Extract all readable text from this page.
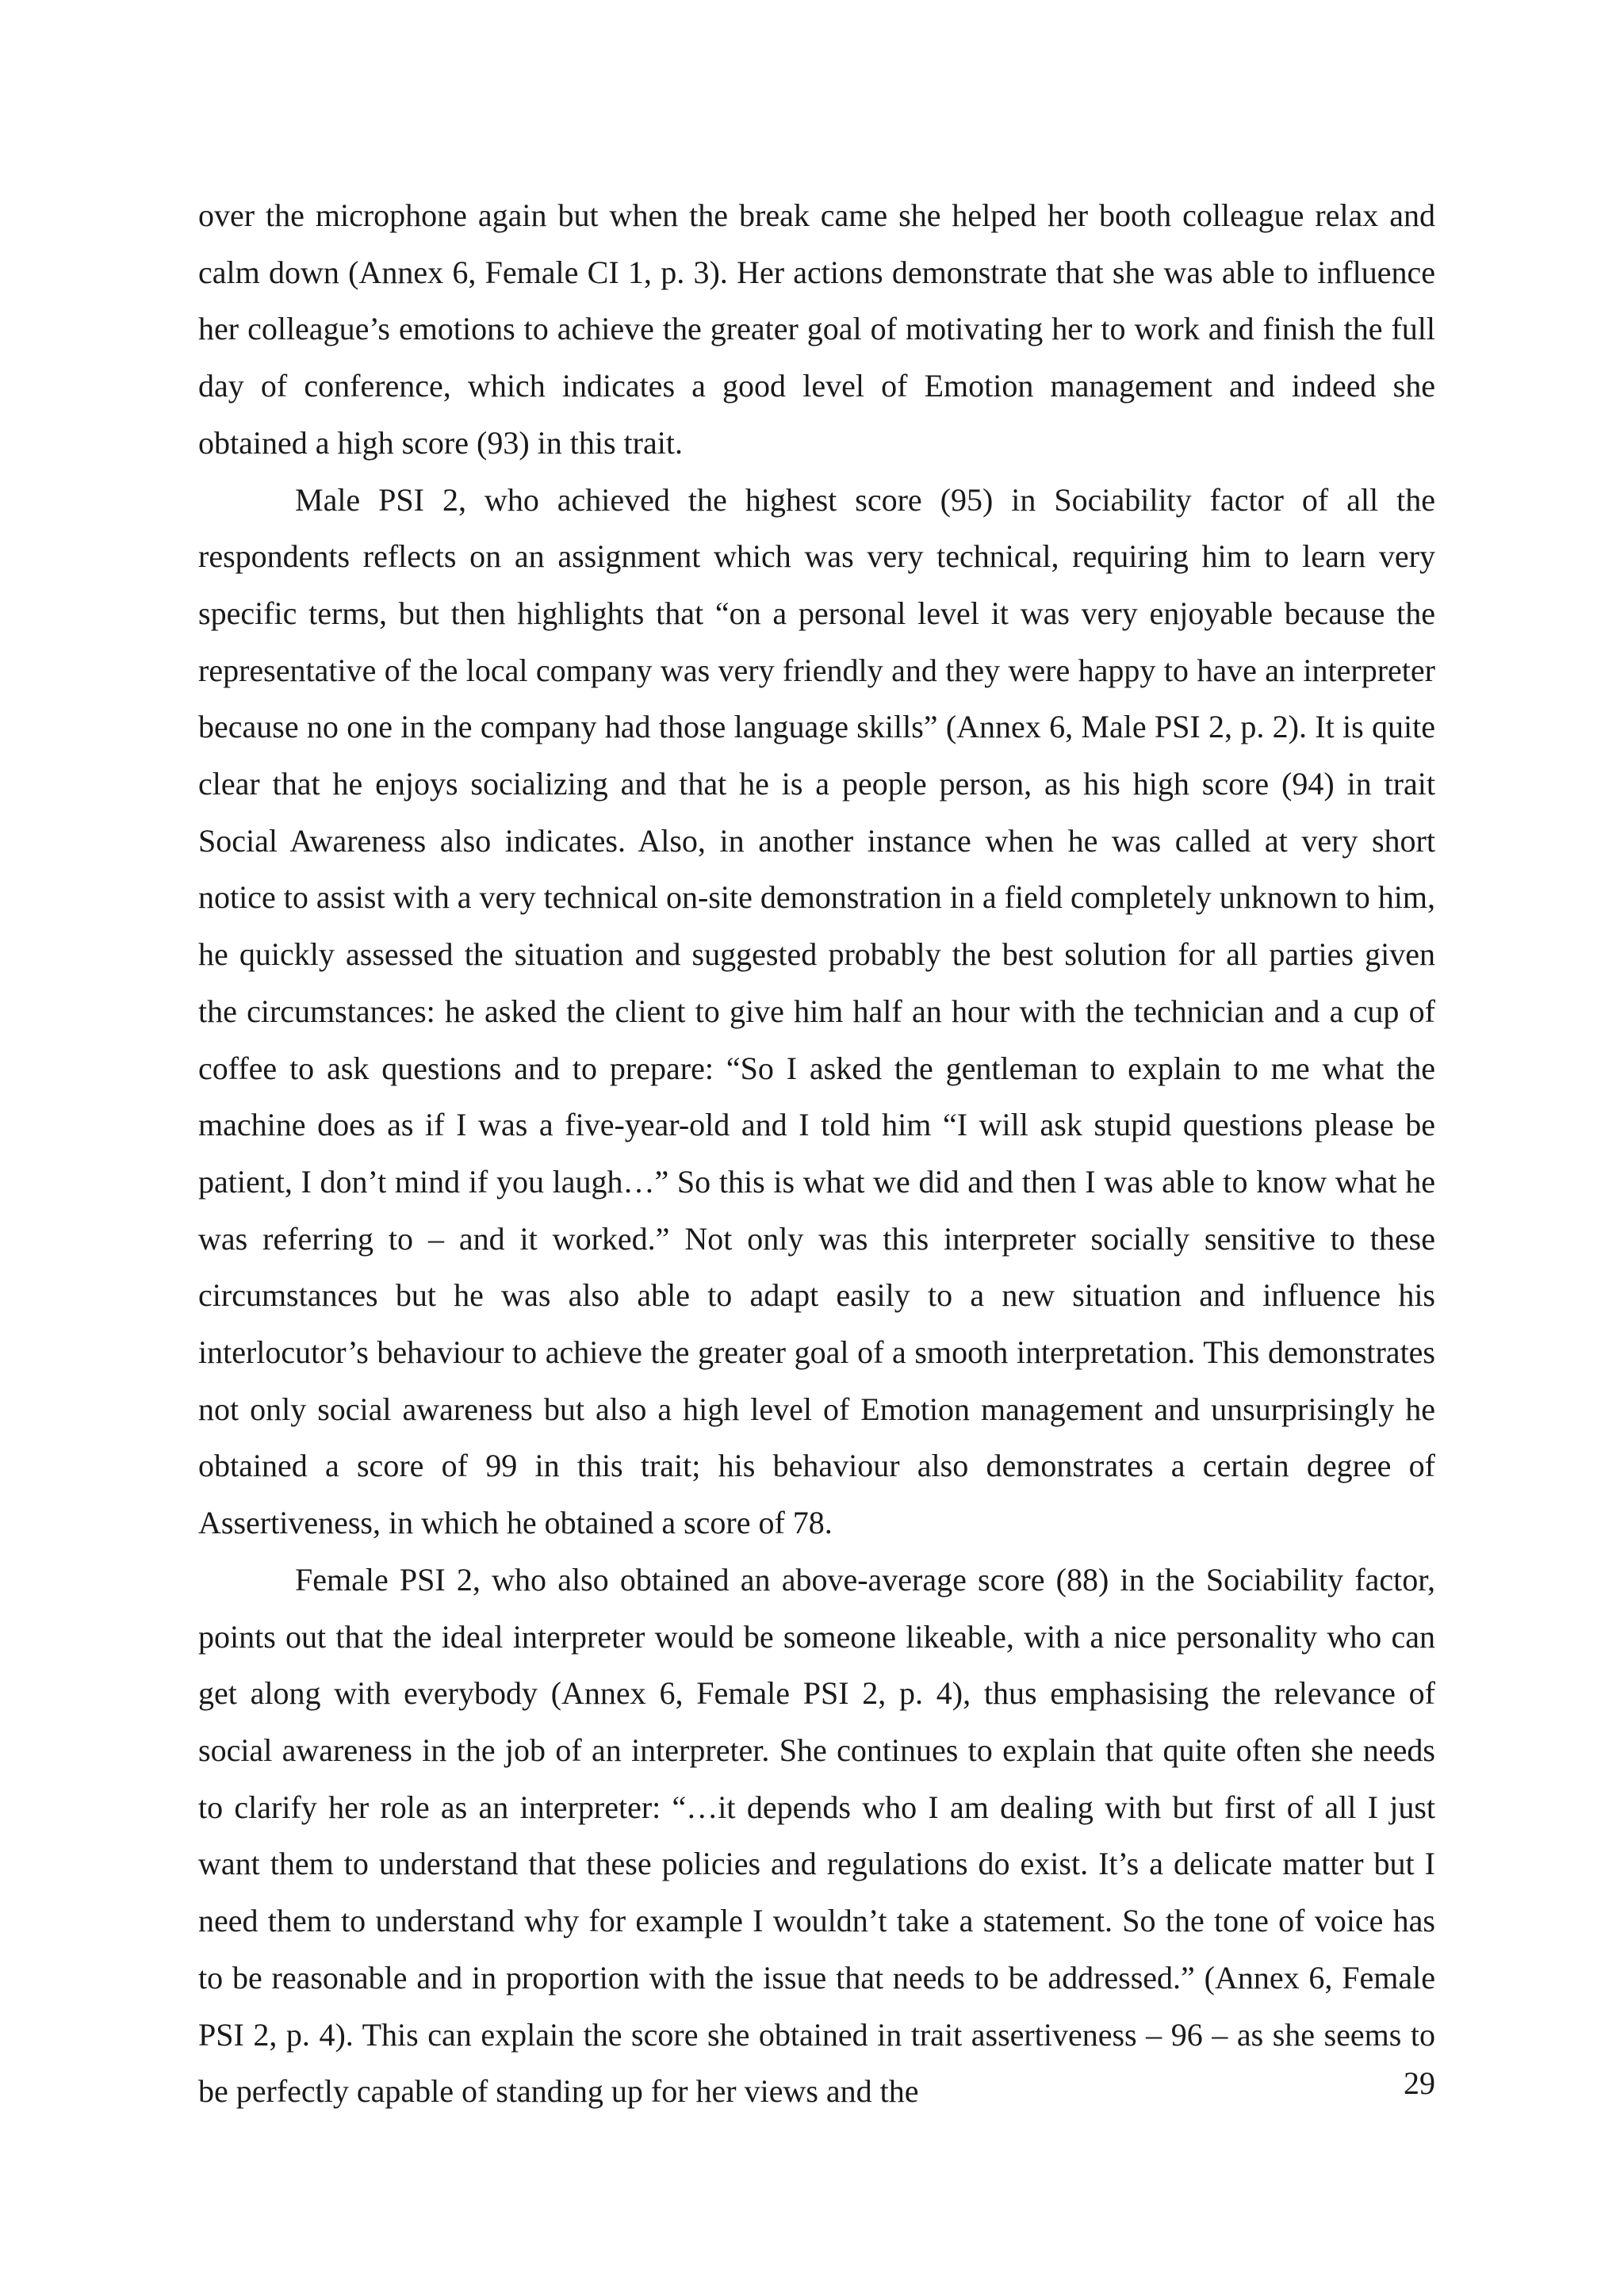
over the microphone again but when the break came she helped her booth colleague relax and calm down (Annex 6, Female CI 1, p. 3). Her actions demonstrate that she was able to influence her colleague’s emotions to achieve the greater goal of motivating her to work and finish the full day of conference, which indicates a good level of Emotion management and indeed she obtained a high score (93) in this trait.

Male PSI 2, who achieved the highest score (95) in Sociability factor of all the respondents reflects on an assignment which was very technical, requiring him to learn very specific terms, but then highlights that “on a personal level it was very enjoyable because the representative of the local company was very friendly and they were happy to have an interpreter because no one in the company had those language skills” (Annex 6, Male PSI 2, p. 2). It is quite clear that he enjoys socializing and that he is a people person, as his high score (94) in trait Social Awareness also indicates. Also, in another instance when he was called at very short notice to assist with a very technical on-site demonstration in a field completely unknown to him, he quickly assessed the situation and suggested probably the best solution for all parties given the circumstances: he asked the client to give him half an hour with the technician and a cup of coffee to ask questions and to prepare: “So I asked the gentleman to explain to me what the machine does as if I was a five-year-old and I told him “I will ask stupid questions please be patient, I don’t mind if you laugh…” So this is what we did and then I was able to know what he was referring to – and it worked.” Not only was this interpreter socially sensitive to these circumstances but he was also able to adapt easily to a new situation and influence his interlocutor’s behaviour to achieve the greater goal of a smooth interpretation. This demonstrates not only social awareness but also a high level of Emotion management and unsurprisingly he obtained a score of 99 in this trait; his behaviour also demonstrates a certain degree of Assertiveness, in which he obtained a score of 78.

Female PSI 2, who also obtained an above-average score (88) in the Sociability factor, points out that the ideal interpreter would be someone likeable, with a nice personality who can get along with everybody (Annex 6, Female PSI 2, p. 4), thus emphasising the relevance of social awareness in the job of an interpreter. She continues to explain that quite often she needs to clarify her role as an interpreter: “…it depends who I am dealing with but first of all I just want them to understand that these policies and regulations do exist. It’s a delicate matter but I need them to understand why for example I wouldn’t take a statement. So the tone of voice has to be reasonable and in proportion with the issue that needs to be addressed.” (Annex 6, Female PSI 2, p. 4). This can explain the score she obtained in trait assertiveness – 96 – as she seems to be perfectly capable of standing up for her views and the	29
